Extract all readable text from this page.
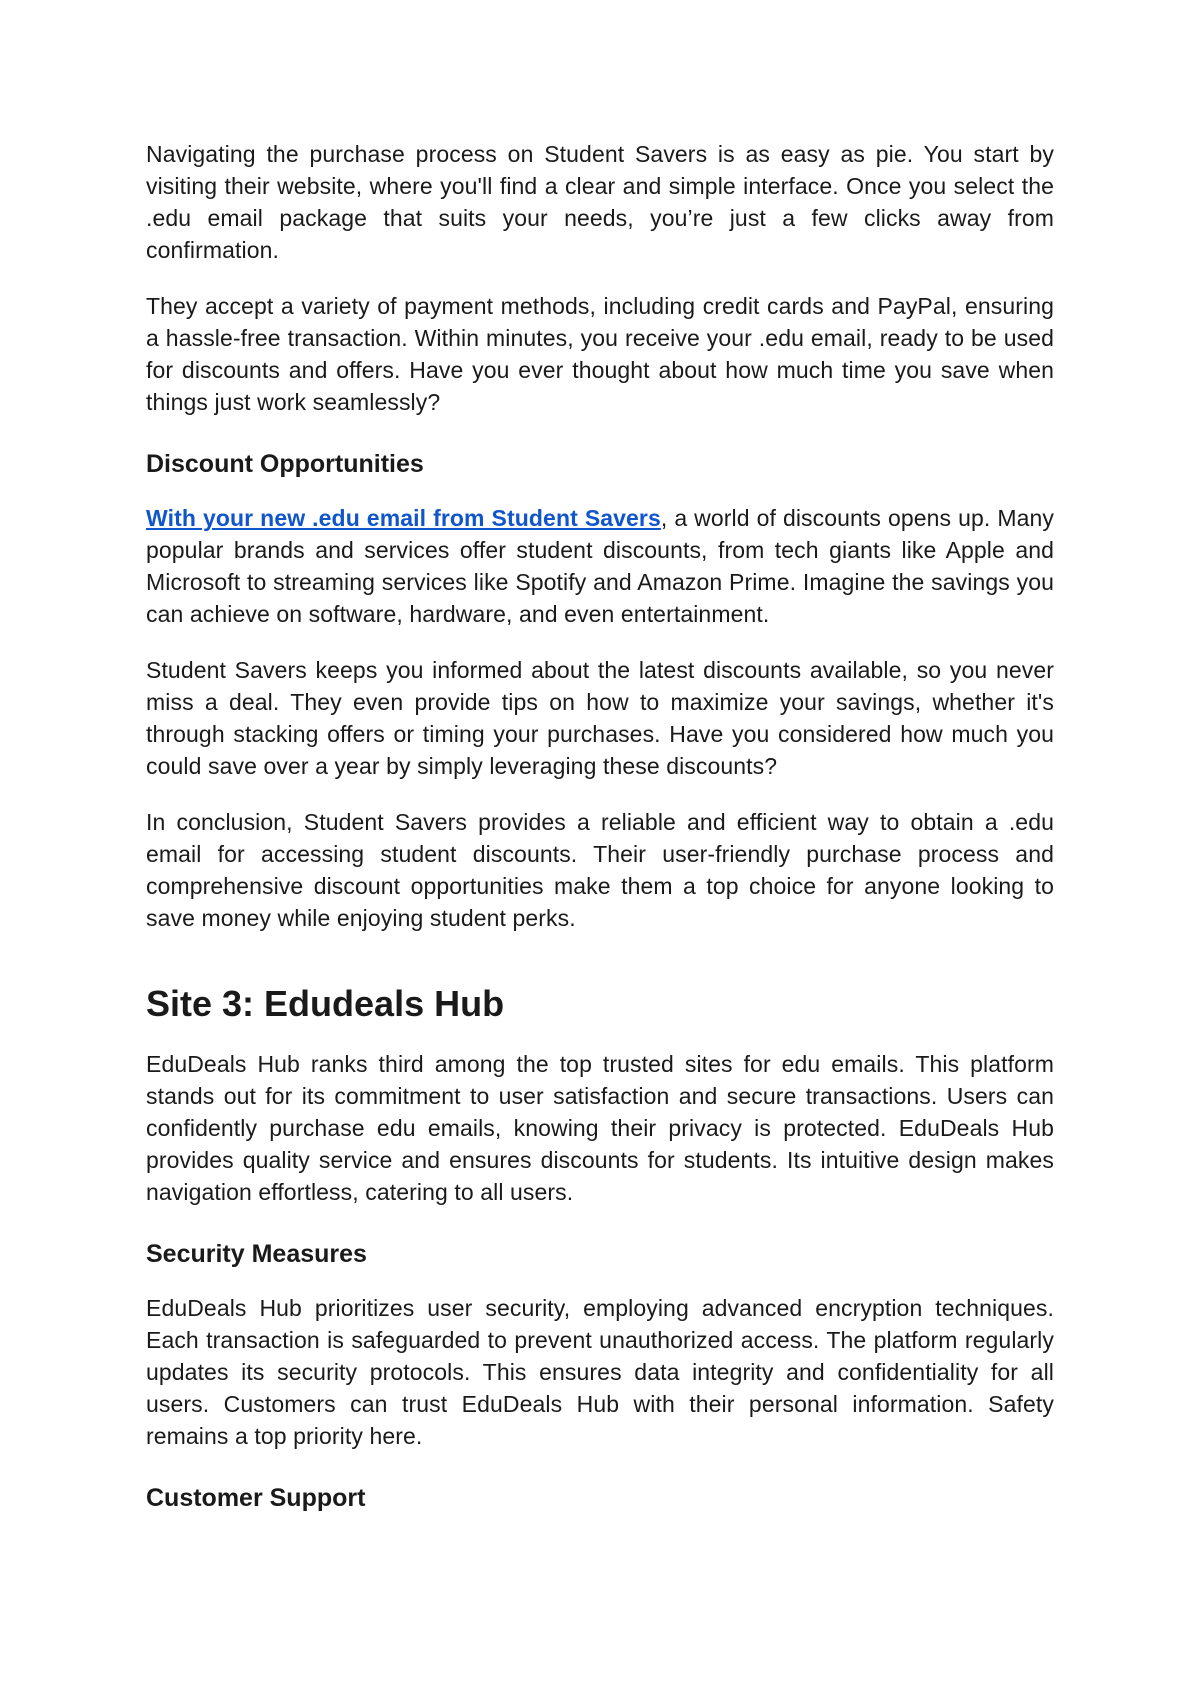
Navigating the purchase process on Student Savers is as easy as pie. You start by visiting their website, where you'll find a clear and simple interface. Once you select the .edu email package that suits your needs, you’re just a few clicks away from confirmation.

They accept a variety of payment methods, including credit cards and PayPal, ensuring a hassle-free transaction. Within minutes, you receive your .edu email, ready to be used for discounts and offers. Have you ever thought about how much time you save when things just work seamlessly?

Discount Opportunities

With your new .edu email from Student Savers, a world of discounts opens up. Many popular brands and services offer student discounts, from tech giants like Apple and Microsoft to streaming services like Spotify and Amazon Prime. Imagine the savings you can achieve on software, hardware, and even entertainment.

Student Savers keeps you informed about the latest discounts available, so you never miss a deal. They even provide tips on how to maximize your savings, whether it's through stacking offers or timing your purchases. Have you considered how much you could save over a year by simply leveraging these discounts?

In conclusion, Student Savers provides a reliable and efficient way to obtain a .edu email for accessing student discounts. Their user-friendly purchase process and comprehensive discount opportunities make them a top choice for anyone looking to save money while enjoying student perks.

Site 3: Edudeals Hub

EduDeals Hub ranks third among the top trusted sites for edu emails. This platform stands out for its commitment to user satisfaction and secure transactions. Users can confidently purchase edu emails, knowing their privacy is protected. EduDeals Hub provides quality service and ensures discounts for students. Its intuitive design makes navigation effortless, catering to all users.

Security Measures

EduDeals Hub prioritizes user security, employing advanced encryption techniques. Each transaction is safeguarded to prevent unauthorized access. The platform regularly updates its security protocols. This ensures data integrity and confidentiality for all users. Customers can trust EduDeals Hub with their personal information. Safety remains a top priority here.

Customer Support
